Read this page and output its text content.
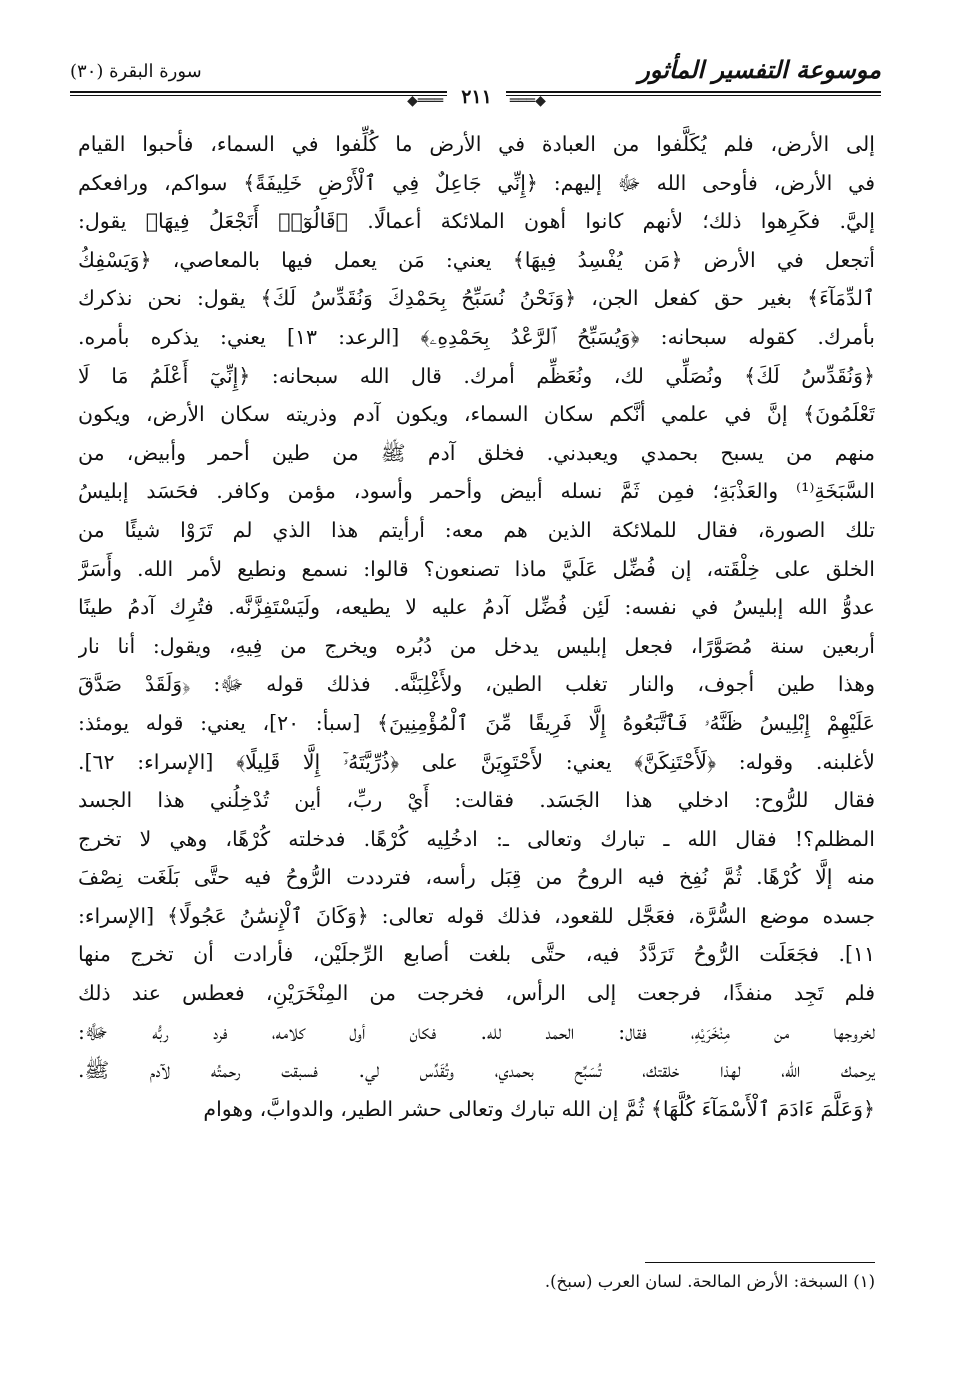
موسوعة التفسير المأثور
سورة البقرة (٣٠)
◆═══ ٢١١ ═══◆
إلى الأرض، فلم يُكَلَّفوا من العبادة في الأرض ما كُلِّفوا في السماء، فأحبوا القيام
في الأرض، فأوحى الله ﷻ إليهم: ﴿إِنِّي جَاعِلٌ فِي ٱلْأَرْضِ خَلِيفَةً﴾ سواكم، ورافعكم
إليَّ. فكَرِهوا ذلك؛ لأنهم كانوا أهون الملائكة أعمالًا. ﴿قَالُوٓا۟ أَتَجْعَلُ فِيهَا﴾ يقول:
أتجعل في الأرض ﴿مَن يُفْسِدُ فِيهَا﴾ يعني: مَن يعمل فيها بالمعاصي، ﴿وَيَسْفِكُ
ٱلدِّمَآءَ﴾ بغير حق كفعل الجن، ﴿وَنَحْنُ نُسَبِّحُ بِحَمْدِكَ وَنُقَدِّسُ لَكَ﴾ يقول: نحن نذكرك
بأمرك. كقوله سبحانه: ﴿وَيُسَبِّحُ ٱلرَّعْدُ بِحَمْدِهِۦ﴾ [الرعد: ١٣] يعني: يذكره بأمره.
﴿وَنُقَدِّسُ لَكَ﴾ ونُصَلِّي لك، ونُعَظِّم أمرك. قال الله سبحانه: ﴿إِنِّيٓ أَعْلَمُ مَا لَا
تَعْلَمُونَ﴾ إنَّ في علمي أنَّكم سكان السماء، ويكون آدم وذريته سكان الأرض، ويكون
منهم من يسبح بحمدي ويعبدني. فخلق آدم ﷺ من طين أحمر وأبيض، من
السَّبَخَةِ⁽¹⁾ والعَذْبَةِ؛ فمِن ثَمَّ نسله أبيض وأحمر وأسود، مؤمن وكافر. فحَسَد إبليسُ
تلك الصورة، فقال للملائكة الذين هم معه: أرأيتم هذا الذي لم تَرَوْا شيئًا من
الخلق على خِلْقَته، إن فُضِّل عَلَيَّ ماذا تصنعون؟ قالوا: نسمع ونطيع لأمر الله. وأَسَرَّ
عدوُّ الله إبليسُ في نفسه: لَئِن فُضِّل آدمُ عليه لا يطيعه، ولَيَسْتَفِزَّنَّه. فتُرِك آدمُ طينًا
أربعين سنة مُصَوَّرًا، فجعل إبليس يدخل من دُبُره ويخرج من فِيهِ، ويقول: أنا نار
وهذا طين أجوف، والنار تغلب الطين، ولأَغْلِبَنَّه. فذلك قوله ﷻ: ﴿وَلَقَدْ صَدَّقَ
عَلَيْهِمْ إِبْلِيسُ ظَنَّهُۥ فَٱتَّبَعُوهُ إِلَّا فَرِيقًا مِّنَ ٱلْمُؤْمِنِينَ﴾ [سبأ: ٢٠]، يعني: قوله يومئذ:
لأغلبنه. وقوله: ﴿لَأَحْتَنِكَنَّ﴾ يعني: لأَحْتَوِيَنَّ على ﴿ذُرِّيَّتَهُۥٓ إِلَّا قَلِيلًا﴾ [الإسراء: ٦٢].
فقال للرُّوح: ادخلي هذا الجَسَد. فقالت: أَيْ ربِّ، أين تُدْخِلُني هذا الجسد
المظلم؟! فقال الله ـ تبارك وتعالى ـ: ادخُلِيه كُرْهًا. فدخلته كُرْهًا، وهي لا تخرج
منه إلَّا كُرْهًا. ثُمَّ نُفِخ فيه الروحُ من قِبَل رأسه، فترددت الرُّوحُ فيه حتَّى بَلَغَت نِصْفَ
جسده موضع السُّرَّة، فعَجَّل للقعود، فذلك قوله تعالى: ﴿وَكَانَ ٱلْإِنسَٰنُ عَجُولًا﴾ [الإسراء:
١١]. فجَعَلَت الرُّوحُ تَرَدَّدُ فيه، حتَّى بلغت أصابع الرِّجلَيْن، فأرادت أن تخرج منها
فلم تَجِد منفذًا، فرجعت إلى الرأس، فخرجت من المِنْخَرَيْنِ، فعطس عند ذلك
لخروجها من مِنْخَرَيْهِ، فقال: الحمد لله. فكان أول كلامه، فرد ربُّه ﷻ:
يرحمك الله، لهذا خلقتك، تُسَبِّح بحمدي، وتُقَدِّس لي. فسبقت رحمتُه لآدم ﷺ.
﴿وَعَلَّمَ ءَادَمَ ٱلْأَسْمَآءَ كُلَّهَا﴾ ثُمَّ إن الله تبارك وتعالى حشر الطير، والدوابَّ، وهوام
(١) السبخة: الأرض المالحة. لسان العرب (سبخ).
